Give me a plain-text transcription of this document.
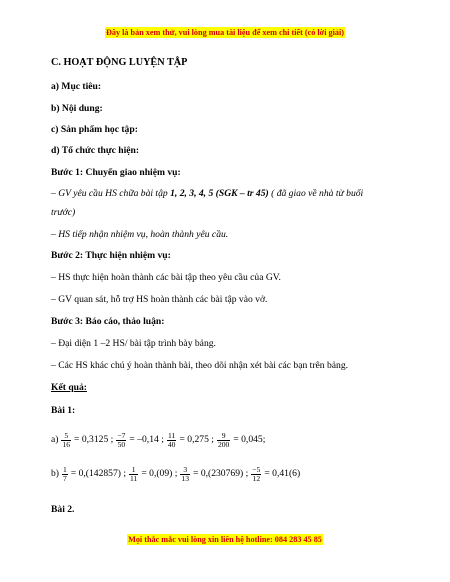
Đây là bản xem thử, vui lòng mua tài liệu để xem chi tiết (có lời giải)
C. HOẠT ĐỘNG LUYỆN TẬP
a) Mục tiêu:
b) Nội dung:
c) Sản phẩm học tập:
d) Tổ chức thực hiện:
Bước 1: Chuyển giao nhiệm vụ:
– GV yêu cầu HS chữa bài tập 1, 2, 3, 4, 5 (SGK – tr 45) ( đã giao về nhà từ buổi
trước)
– HS tiếp nhận nhiệm vụ, hoàn thành yêu cầu.
Bước 2: Thực hiện nhiệm vụ:
– HS thực hiện hoàn thành các bài tập theo yêu cầu của GV.
– GV quan sát, hỗ trợ HS hoàn thành các bài tập vào vở.
Bước 3: Báo cáo, thảo luận:
– Đại diện 1 –2 HS/ bài tập trình bày bảng.
– Các HS khác chú ý hoàn thành bài, theo dõi nhận xét bài các bạn trên bảng.
Kết quả:
Bài 1:
$a) \frac{5}{16} = 0,3125$ ; $\frac{-7}{50} = -0,14$ ; $\frac{11}{40} = 0,275$ ; $\frac{9}{200} = 0,045$;
$b) \frac{1}{7} = 0,(142857)$ ; $\frac{1}{11} = 0,(09)$ ; $\frac{3}{13} = 0,(230769)$ ; $\frac{-5}{12} = 0,41(6)$
Bài 2.
Mọi thắc mắc vui lòng xin liên hệ hotline: 084 283 45 85
